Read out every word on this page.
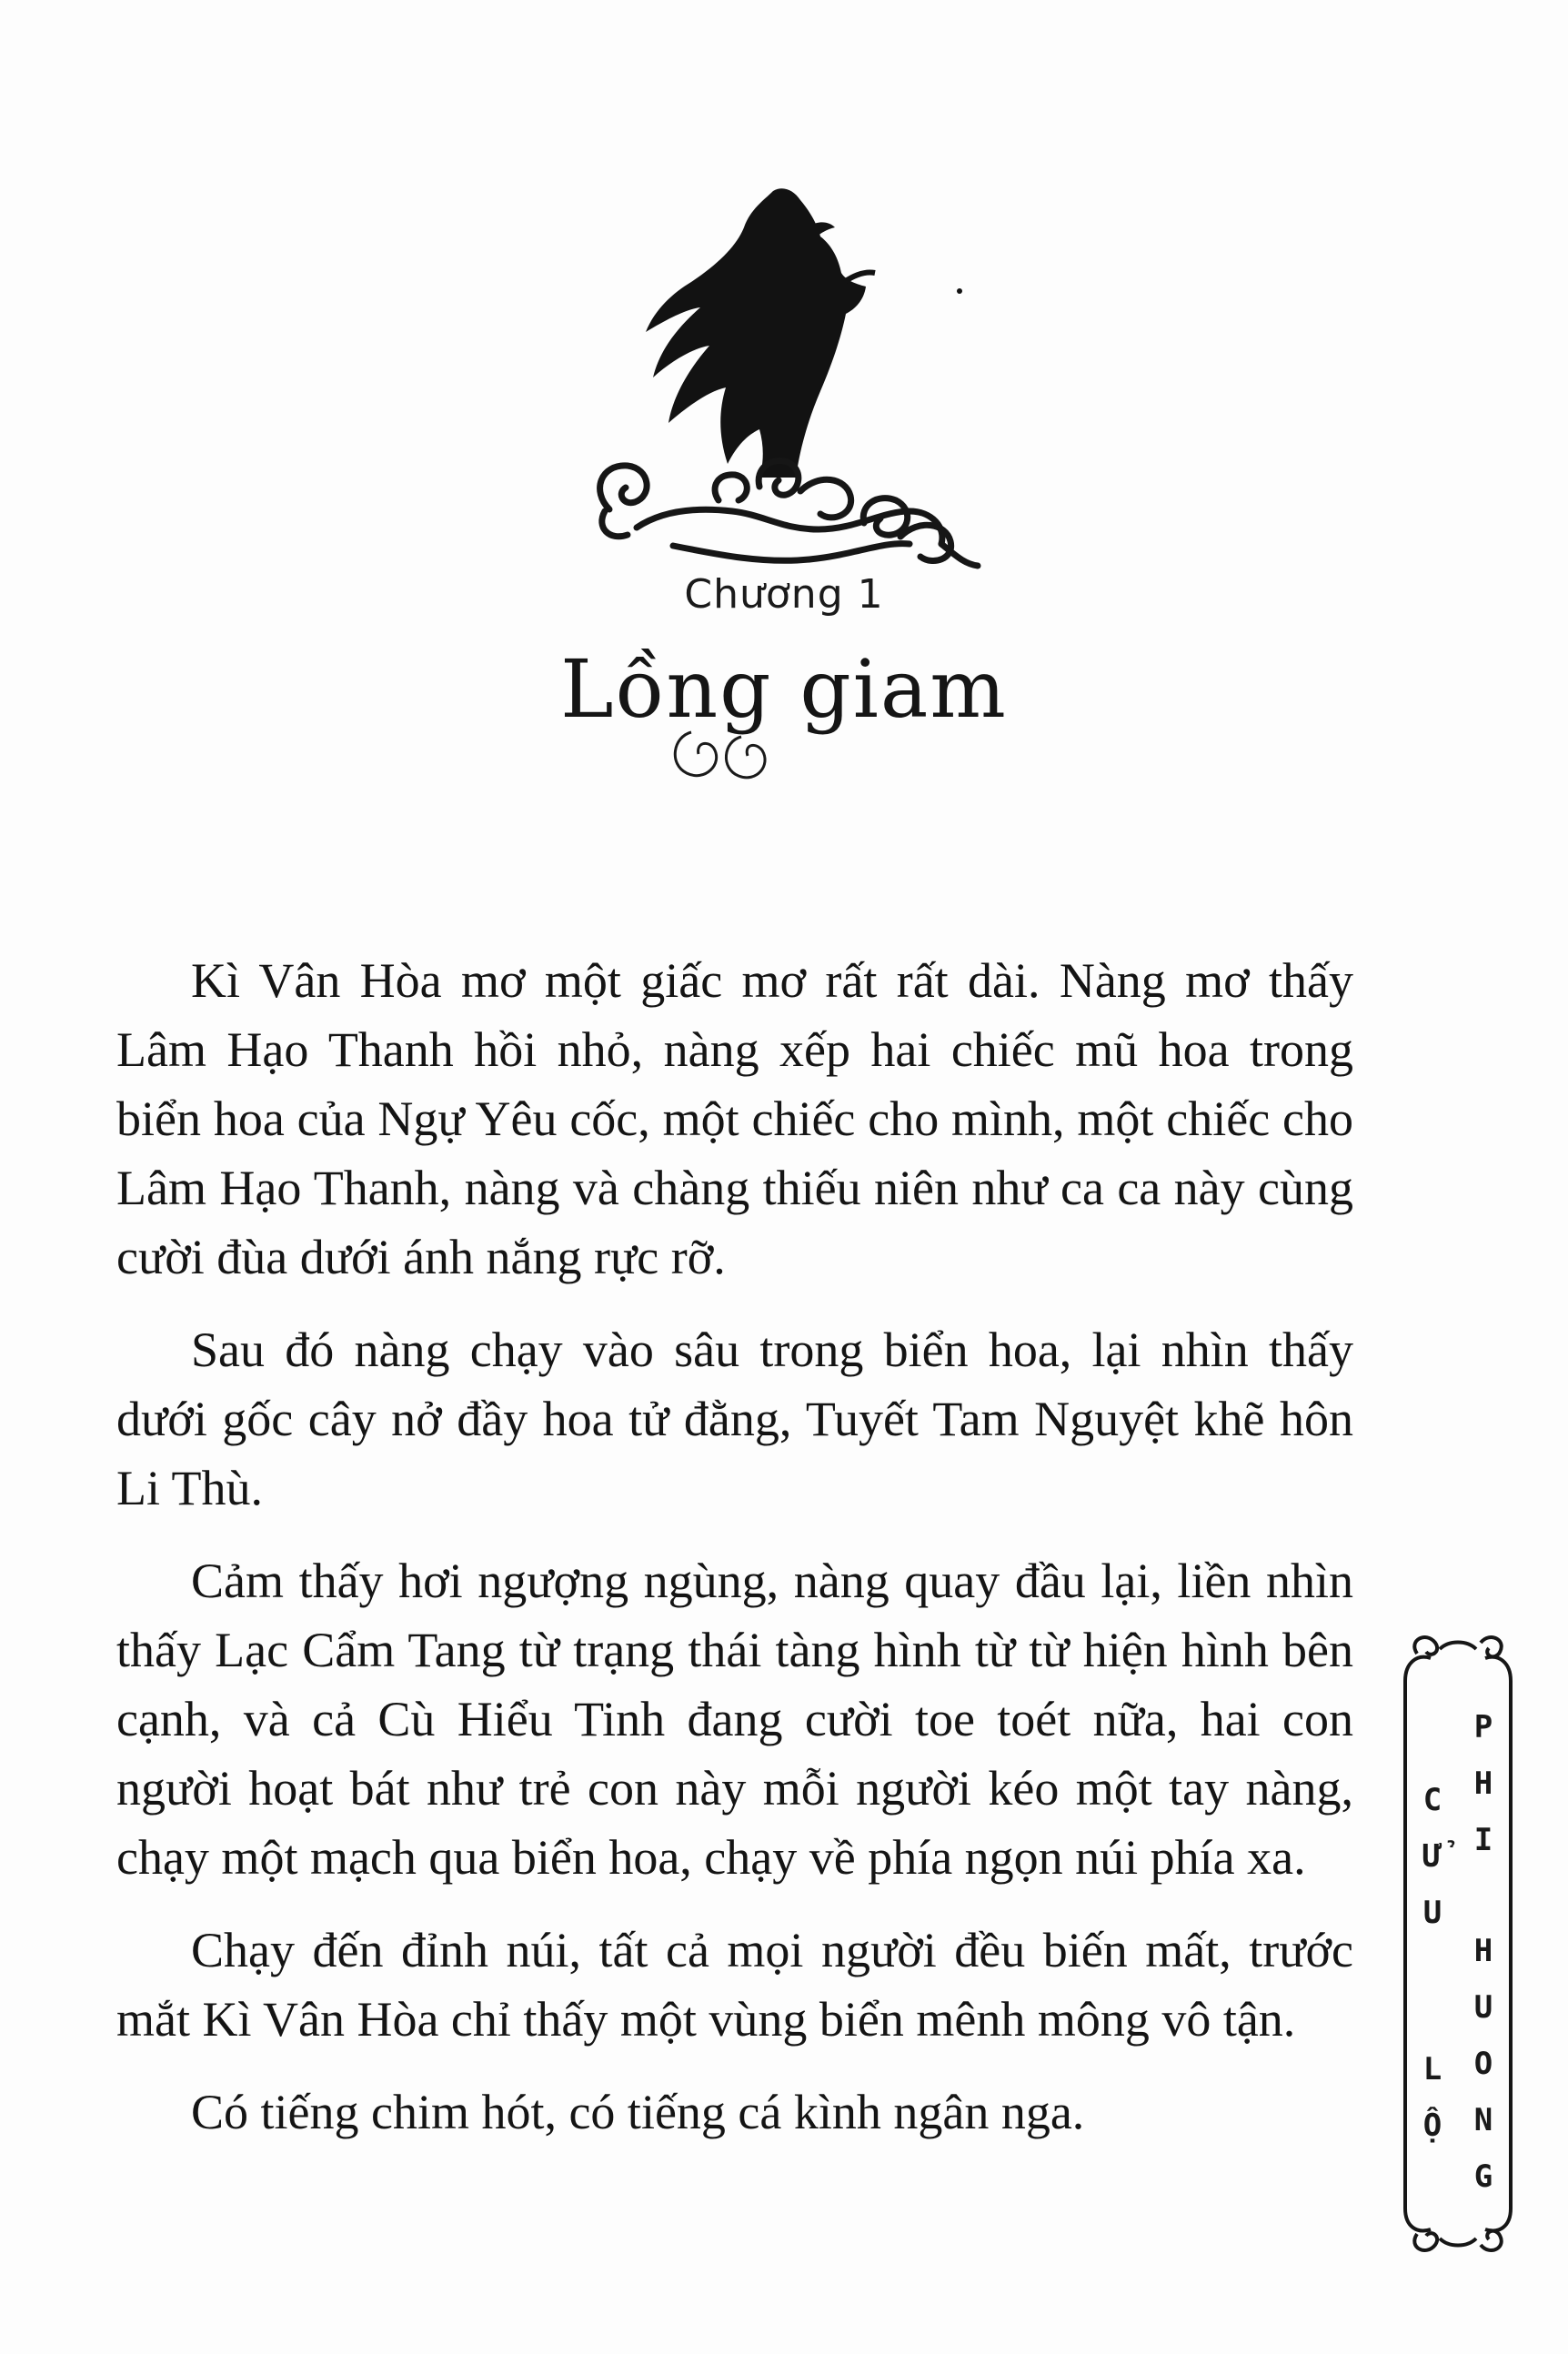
Chương 1
Lồng giam

Kì Vân Hòa mơ một giấc mơ rất rất dài. Nàng mơ thấy Lâm Hạo Thanh hồi nhỏ, nàng xếp hai chiếc mũ hoa trong biển hoa của Ngự Yêu cốc, một chiếc cho mình, một chiếc cho Lâm Hạo Thanh, nàng và chàng thiếu niên như ca ca này cùng cười đùa dưới ánh nắng rực rỡ.

Sau đó nàng chạy vào sâu trong biển hoa, lại nhìn thấy dưới gốc cây nở đầy hoa tử đằng, Tuyết Tam Nguyệt khẽ hôn Li Thù.

Cảm thấy hơi ngượng ngùng, nàng quay đầu lại, liền nhìn thấy Lạc Cẩm Tang từ trạng thái tàng hình từ từ hiện hình bên cạnh, và cả Cù Hiểu Tinh đang cười toe toét nữa, hai con người hoạt bát như trẻ con này mỗi người kéo một tay nàng, chạy một mạch qua biển hoa, chạy về phía ngọn núi phía xa.

Chạy đến đỉnh núi, tất cả mọi người đều biến mất, trước mắt Kì Vân Hòa chỉ thấy một vùng biển mênh mông vô tận.

Có tiếng chim hót, có tiếng cá kình ngân nga.

C
Ử
U
L
Ộ
P
H
I
H
U
O
N
G
